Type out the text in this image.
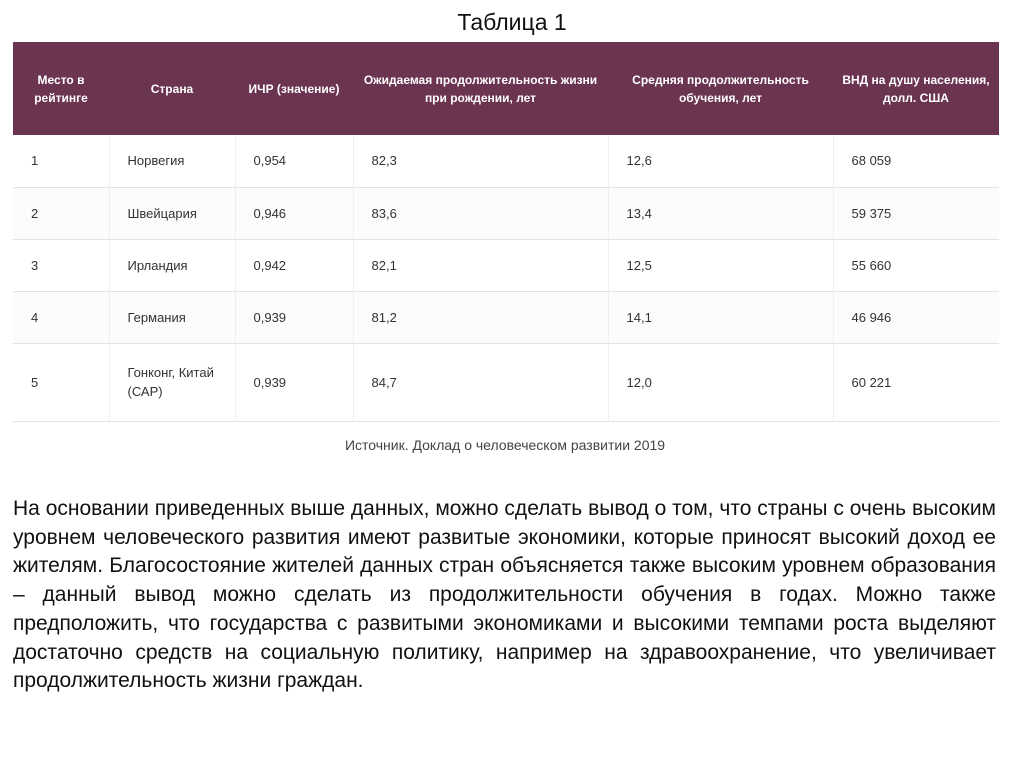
Таблица 1
Место в рейтинге	Страна	ИЧР (значение)	Ожидаемая продолжительность жизни при рождении, лет	Средняя продолжительность обучения, лет	ВНД на душу населения, долл. США
1	Норвегия	0,954	82,3	12,6	68 059
2	Швейцария	0,946	83,6	13,4	59 375
3	Ирландия	0,942	82,1	12,5	55 660
4	Германия	0,939	81,2	14,1	46 946
5	Гонконг, Китай (САР)	0,939	84,7	12,0	60 221
Источник. Доклад о человеческом развитии 2019

На основании приведенных выше данных, можно сделать вывод о том, что страны с очень высоким уровнем человеческого развития имеют развитые экономики, которые приносят высокий доход ее жителям. Благосостояние жителей данных стран объясняется также высоким уровнем образования – данный вывод можно сделать из продолжительности обучения в годах. Можно также предположить, что государства с развитыми экономиками и высокими темпами роста выделяют достаточно средств на социальную политику, например на здравоохранение, что увеличивает продолжительность жизни граждан.
